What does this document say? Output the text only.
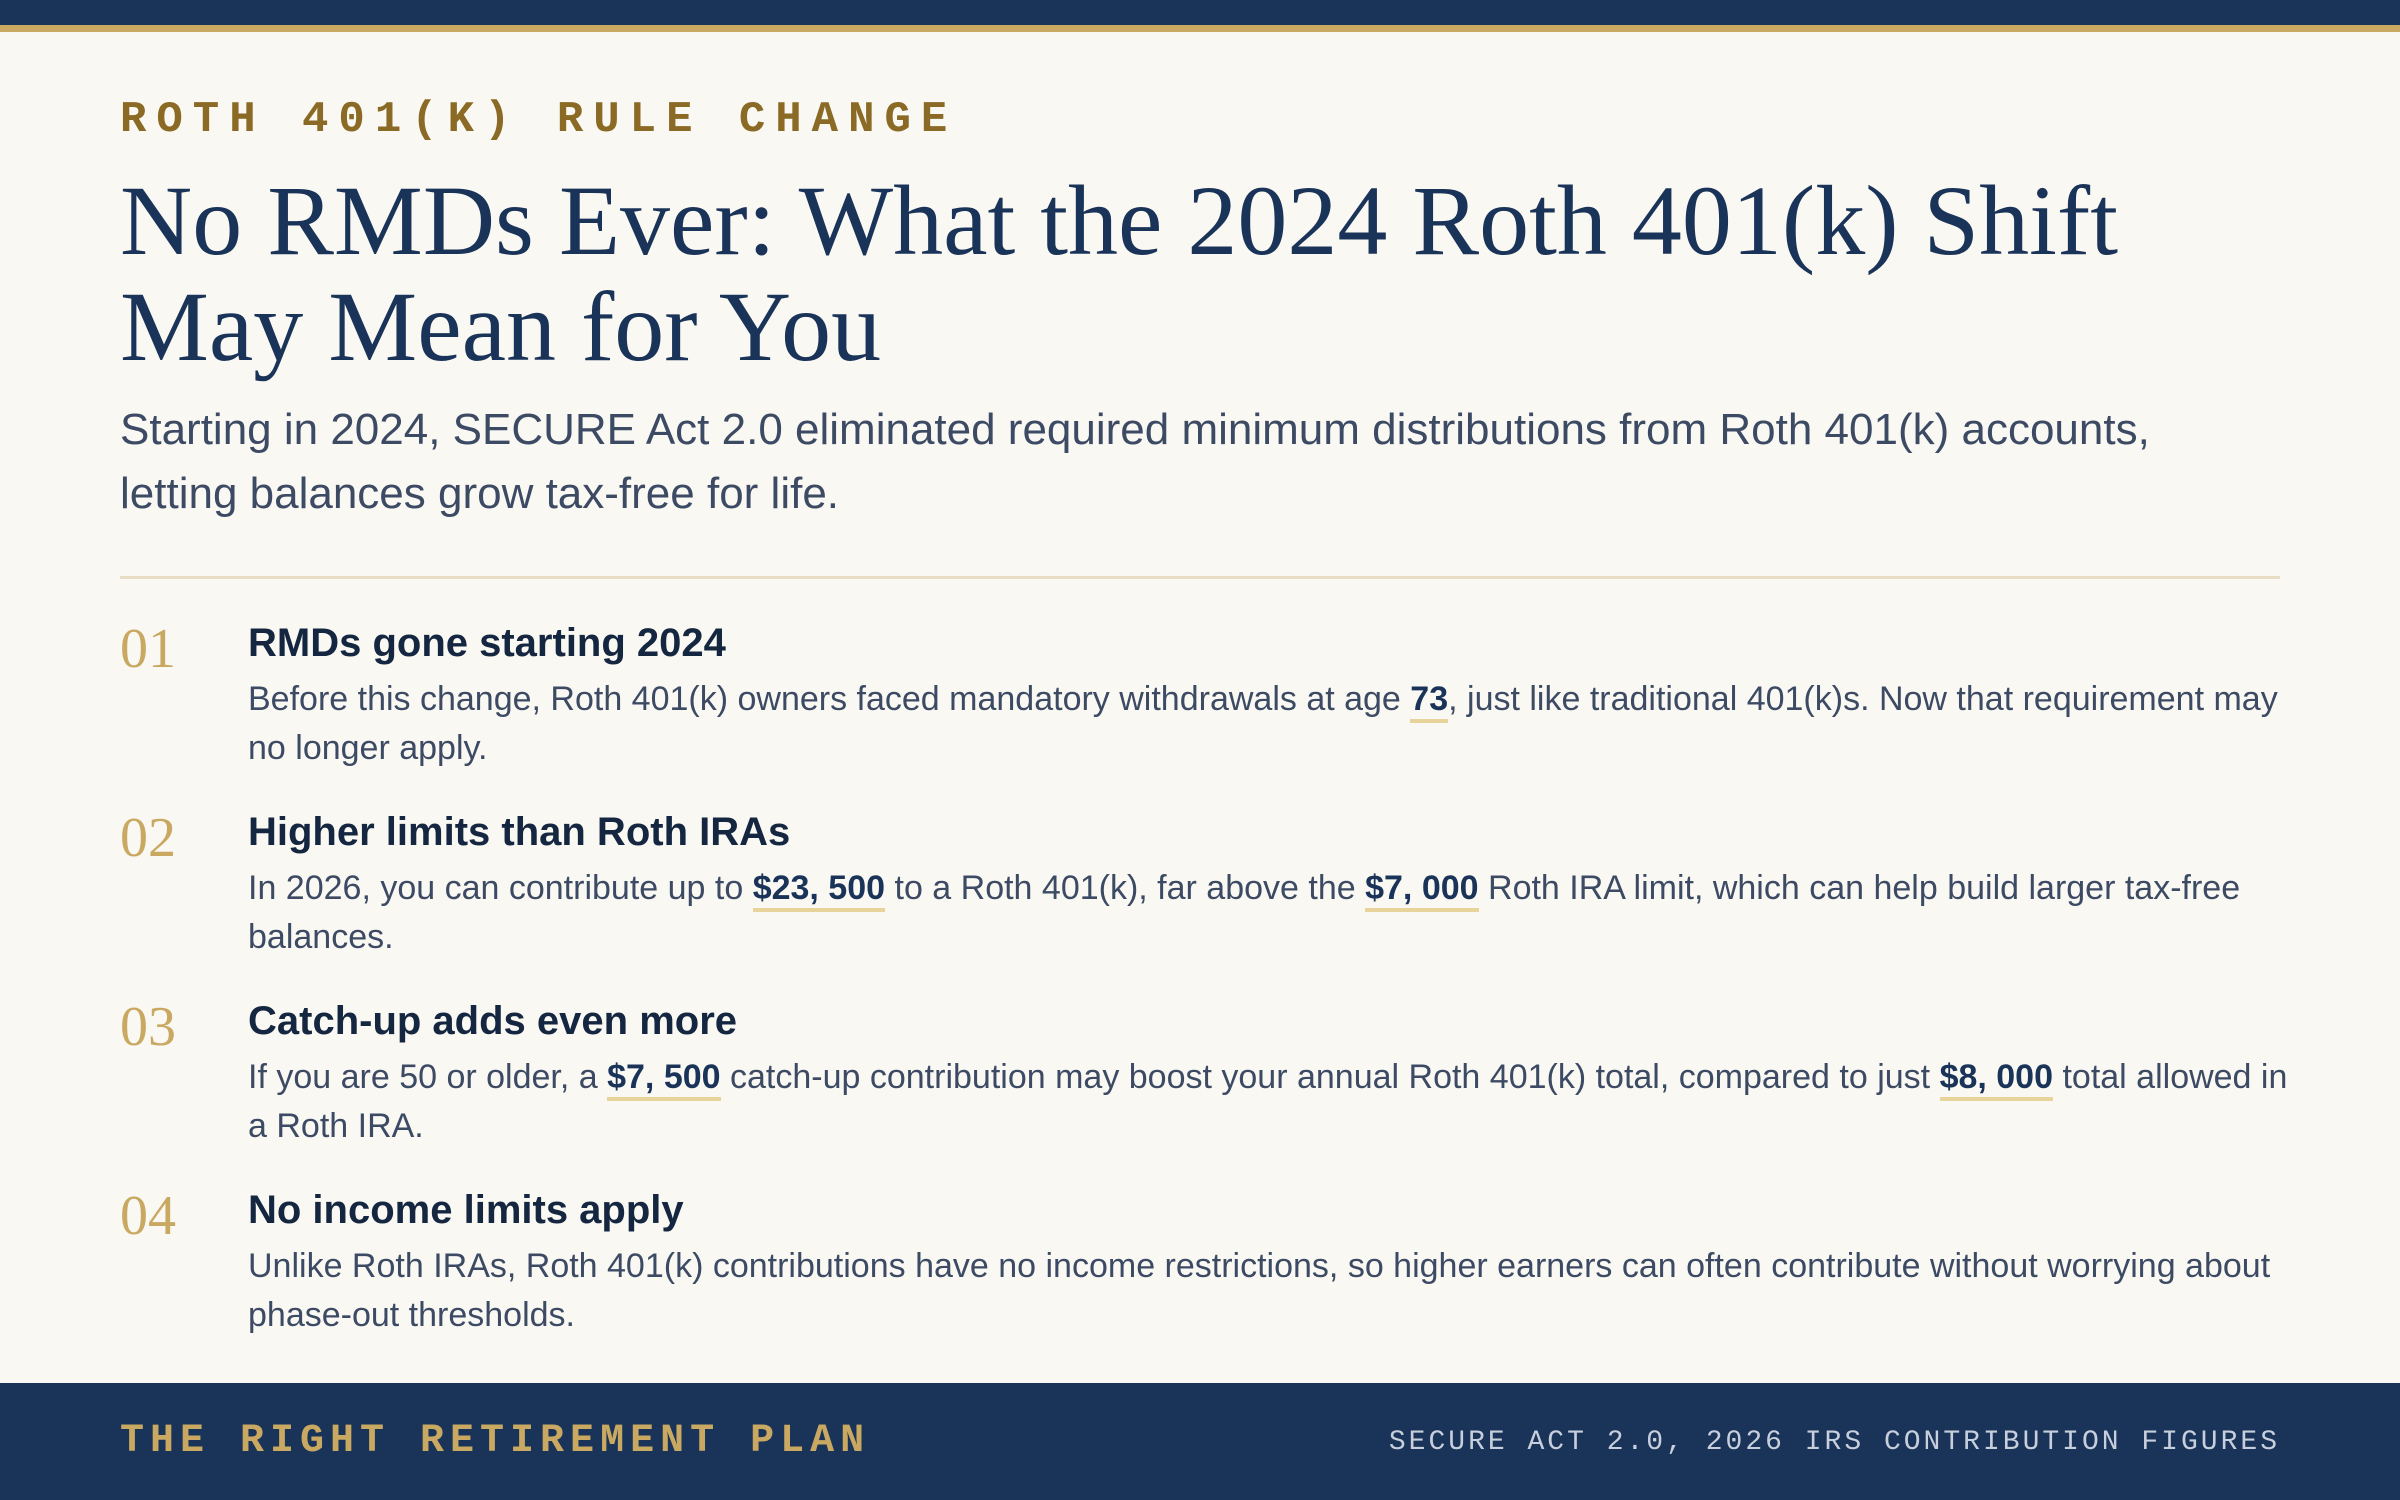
ROTH 401(K) RULE CHANGE

No RMDs Ever: What the 2024 Roth 401(k) Shift May Mean for You

Starting in 2024, SECURE Act 2.0 eliminated required minimum distributions from Roth 401(k) accounts, letting balances grow tax-free for life.

01 RMDs gone starting 2024

Before this change, Roth 401(k) owners faced mandatory withdrawals at age 73, just like traditional 401(k)s. Now that requirement may no longer apply.

02 Higher limits than Roth IRAs

In 2026, you can contribute up to $23, 500 to a Roth 401(k), far above the $7, 000 Roth IRA limit, which can help build larger tax-free balances.

03 Catch-up adds even more

If you are 50 or older, a $7, 500 catch-up contribution may boost your annual Roth 401(k) total, compared to just $8, 000 total allowed in a Roth IRA.

04 No income limits apply

Unlike Roth IRAs, Roth 401(k) contributions have no income restrictions, so higher earners can often contribute without worrying about phase-out thresholds.

THE RIGHT RETIREMENT PLAN	SECURE ACT 2.0, 2026 IRS CONTRIBUTION FIGURES
